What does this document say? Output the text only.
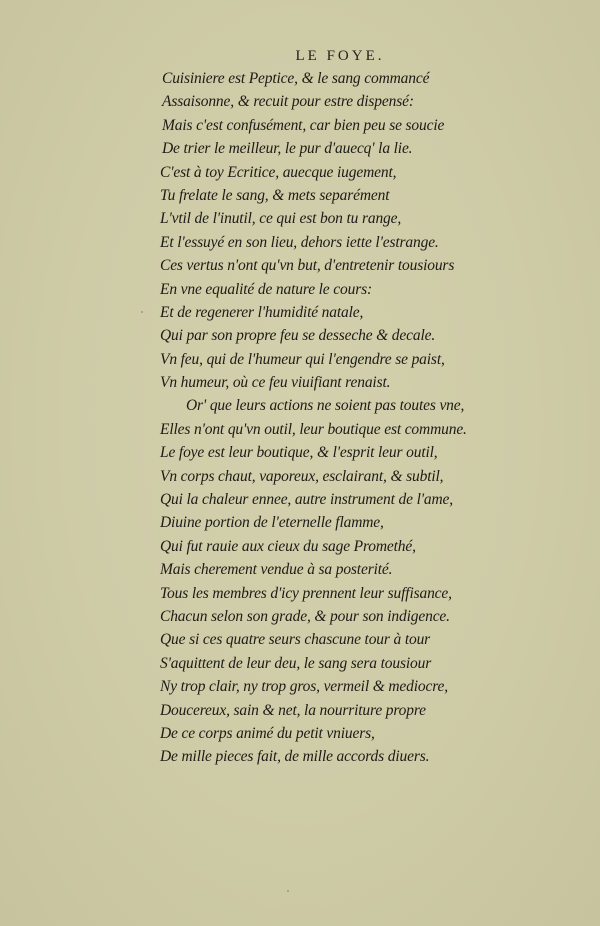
LE FOYE.
Cuisiniere est Peptice, & le sang commancé
Assaisonne, & recuit pour estre dispensé:
Mais c'est confusément, car bien peu se soucie
De trier le meilleur, le pur d'auecq' la lie.
C'est à toy Ecritice, auecque iugement,
Tu frelate le sang, & mets separément
L'vtil de l'inutil, ce qui est bon tu range,
Et l'essuyé en son lieu, dehors iette l'estrange.
Ces vertus n'ont qu'vn but, d'entretenir tousiours
En vne equalité de nature le cours:
Et de regenerer l'humidité natale,
Qui par son propre feu se desseche & decale.
Vn feu, qui de l'humeur qui l'engendre se paist,
Vn humeur, où ce feu viuifiant renaist.
Or' que leurs actions ne soient pas toutes vne,
Elles n'ont qu'vn outil, leur boutique est commune.
Le foye est leur boutique, & l'esprit leur outil,
Vn corps chaut, vaporeux, esclairant, & subtil,
Qui la chaleur ennee, autre instrument de l'ame,
Diuine portion de l'eternelle flamme,
Qui fut rauie aux cieux du sage Promethé,
Mais cherement vendue à sa posterité.
Tous les membres d'icy prennent leur suffisance,
Chacun selon son grade, & pour son indigence.
Que si ces quatre seurs chascune tour à tour
S'aquittent de leur deu, le sang sera tousiour
Ny trop clair, ny trop gros, vermeil & mediocre,
Doucereux, sain & net, la nourriture propre
De ce corps animé du petit vniuers,
De mille pieces fait, de mille accords diuers.
